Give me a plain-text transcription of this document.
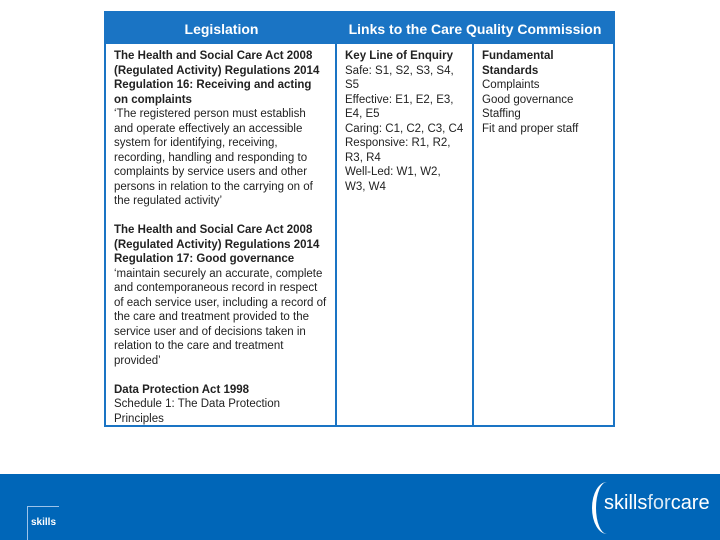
Legislation	Links to the Care Quality Commission
The Health and Social Care Act 2008 (Regulated Activity) Regulations 2014
Regulation 16: Receiving and acting on complaints

‘The registered person must establish and operate effectively an accessible system for identifying, receiving, recording, handling and responding to complaints by service users and other persons in relation to the carrying on of the regulated activity’

The Health and Social Care Act 2008 (Regulated Activity) Regulations 2014
Regulation 17: Good governance

‘maintain securely an accurate, complete and contemporaneous record in respect of each service user, including a record of the care and treatment provided to the service user and of decisions taken in relation to the care and treatment provided’

Data Protection Act 1998

Schedule 1: The Data Protection Principles

Key Line of Enquiry

Safe: S1, S2, S3, S4, S5

Effective: E1, E2, E3, E4, E5

Caring: C1, C2, C3, C4

Responsive: R1, R2, R3, R4

Well-Led: W1, W2, W3, W4

Fundamental Standards

Complaints

Good governance

Staffing

Fit and proper staff

skills
skillsforcare
